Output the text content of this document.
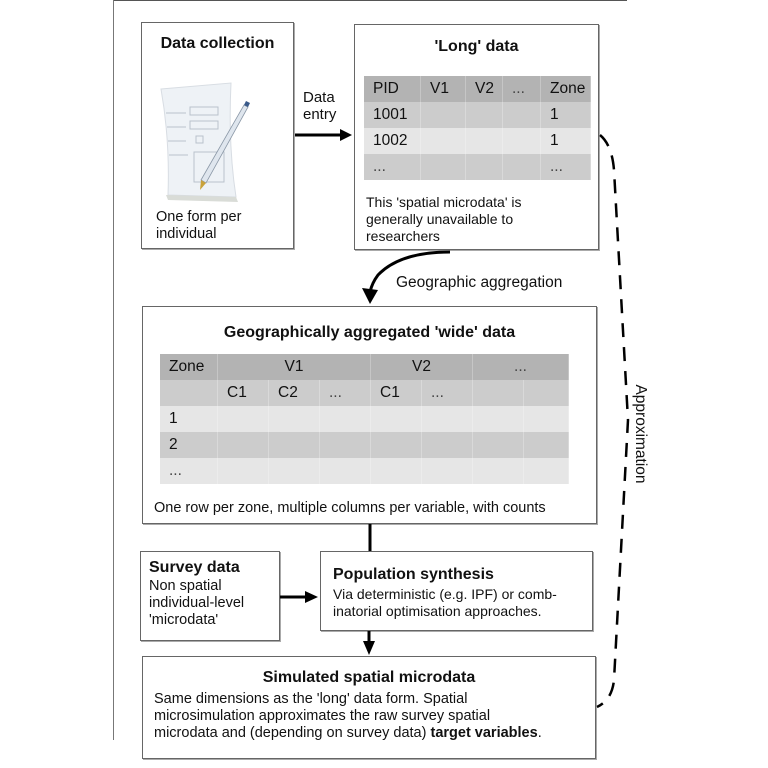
Data collection
One form per
individual
Data
entry
'Long' data
PID	V1	V2	...	Zone
1001				1
1002				1
...				...
This 'spatial microdata' is
generally unavailable to
researchers
Geographic aggregation
Geographically aggregated 'wide' data
Zone	V1			V2		...	
	C1	C2	...	C1	...		
1							
2							
...							
One row per zone, multiple columns per variable, with counts
Survey data
Non spatial
individual-level
'microdata'
Population synthesis
Via deterministic (e.g. IPF) or comb-
inatorial optimisation approaches.
Simulated spatial microdata
Same dimensions as the 'long' data form. Spatial
microsimulation approximates the raw survey spatial
microdata and (depending on survey data) target variables.
Approximation
